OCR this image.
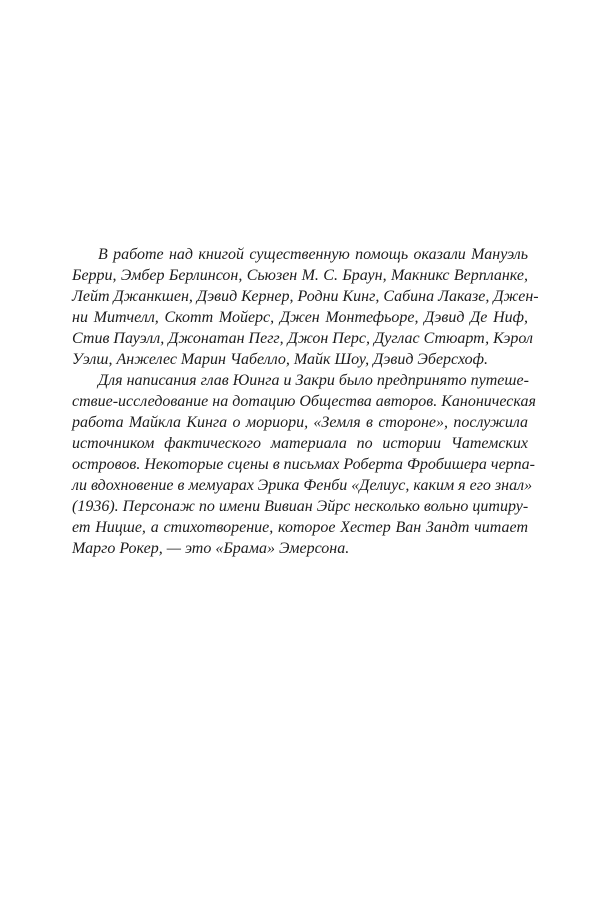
В работе над книгой существенную помощь оказали Мануэль
Берри, Эмбер Берлинсон, Сьюзен М. С. Браун, Макникс Верпланке,
Лейт Джанкшен, Дэвид Кернер, Родни Кинг, Сабина Лаказе, Джен-
ни Митчелл, Скотт Мойерс, Джен Монтефьоре, Дэвид Де Ниф,
Стив Пауэлл, Джонатан Пегг, Джон Перс, Дуглас Стюарт, Кэрол
Уэлш, Анжелес Марин Чабелло, Майк Шоу, Дэвид Эберсхоф.
Для написания глав Юинга и Закри было предпринято путеше-
ствие-исследование на дотацию Общества авторов. Каноническая
работа Майкла Кинга о мориори, «Земля в стороне», послужила
источником фактического материала по истории Чатемских
островов. Некоторые сцены в письмах Роберта Фробишера черпа-
ли вдохновение в мемуарах Эрика Фенби «Делиус, каким я его знал»
(1936). Персонаж по имени Вивиан Эйрс несколько вольно цитиру-
ет Ницше, а стихотворение, которое Хестер Ван Зандт читает
Марго Рокер, — это «Брама» Эмерсона.
